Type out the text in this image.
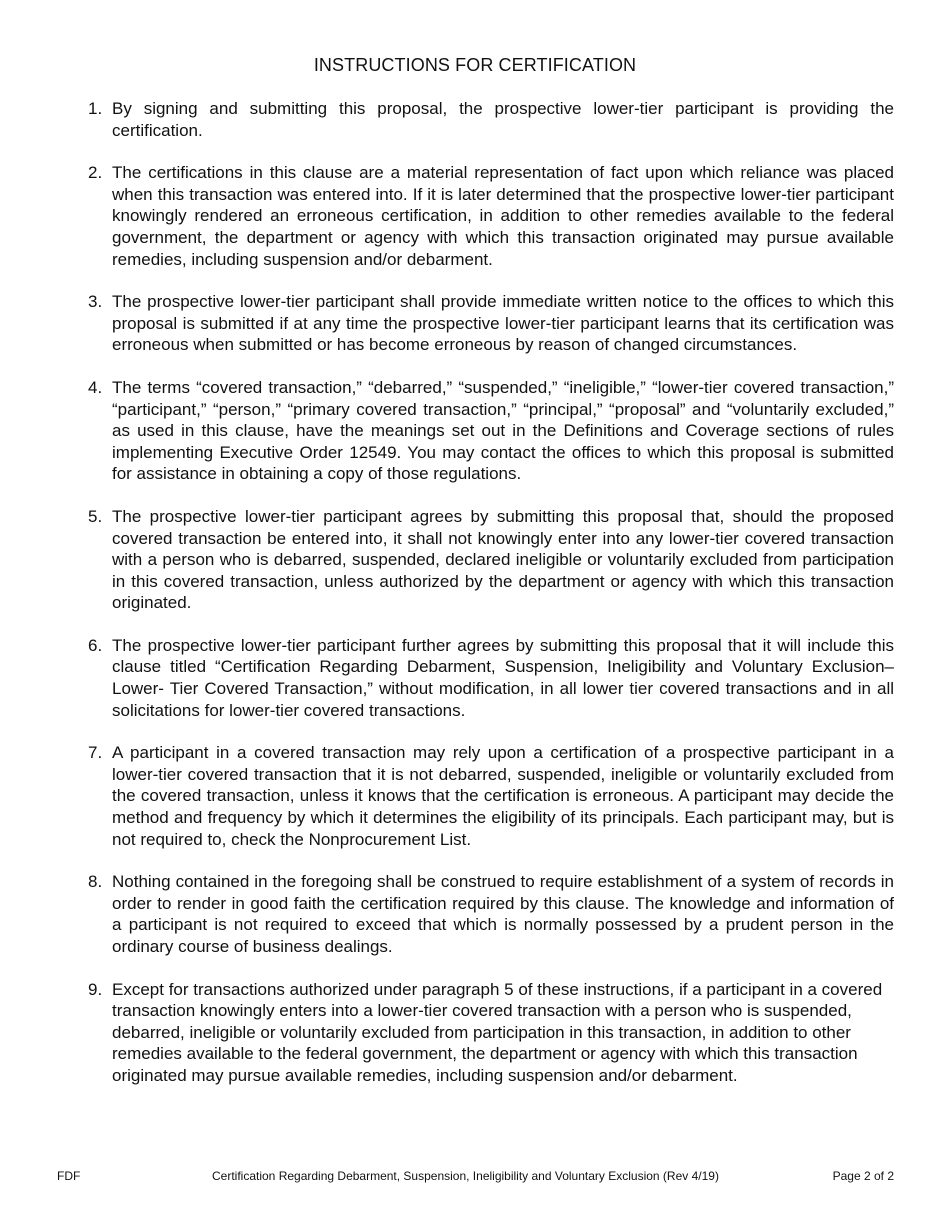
INSTRUCTIONS FOR CERTIFICATION
1. By signing and submitting this proposal, the prospective lower-tier participant is providing the certification.
2. The certifications in this clause are a material representation of fact upon which reliance was placed when this transaction was entered into. If it is later determined that the prospective lower-tier participant knowingly rendered an erroneous certification, in addition to other remedies available to the federal government, the department or agency with which this transaction originated may pursue available remedies, including suspension and/or debarment.
3. The prospective lower-tier participant shall provide immediate written notice to the offices to which this proposal is submitted if at any time the prospective lower-tier participant learns that its certification was erroneous when submitted or has become erroneous by reason of changed circumstances.
4. The terms “covered transaction,” “debarred,” “suspended,” “ineligible,” “lower-tier covered transaction,” “participant,” “person,” “primary covered transaction,” “principal,” “proposal” and “voluntarily excluded,” as used in this clause, have the meanings set out in the Definitions and Coverage sections of rules implementing Executive Order 12549. You may contact the offices to which this proposal is submitted for assistance in obtaining a copy of those regulations.
5. The prospective lower-tier participant agrees by submitting this proposal that, should the proposed covered transaction be entered into, it shall not knowingly enter into any lower-tier covered transaction with a person who is debarred, suspended, declared ineligible or voluntarily excluded from participation in this covered transaction, unless authorized by the department or agency with which this transaction originated.
6. The prospective lower-tier participant further agrees by submitting this proposal that it will include this clause titled “Certification Regarding Debarment, Suspension, Ineligibility and Voluntary Exclusion–Lower- Tier Covered Transaction,” without modification, in all lower tier covered transactions and in all solicitations for lower-tier covered transactions.
7. A participant in a covered transaction may rely upon a certification of a prospective participant in a lower-tier covered transaction that it is not debarred, suspended, ineligible or voluntarily excluded from the covered transaction, unless it knows that the certification is erroneous. A participant may decide the method and frequency by which it determines the eligibility of its principals. Each participant may, but is not required to, check the Nonprocurement List.
8. Nothing contained in the foregoing shall be construed to require establishment of a system of records in order to render in good faith the certification required by this clause. The knowledge and information of a participant is not required to exceed that which is normally possessed by a prudent person in the ordinary course of business dealings.
9. Except for transactions authorized under paragraph 5 of these instructions, if a participant in a covered transaction knowingly enters into a lower-tier covered transaction with a person who is suspended, debarred, ineligible or voluntarily excluded from participation in this transaction, in addition to other remedies available to the federal government, the department or agency with which this transaction originated may pursue available remedies, including suspension and/or debarment.
FDF	Certification Regarding Debarment, Suspension, Ineligibility and Voluntary Exclusion (Rev 4/19)	Page 2 of 2
